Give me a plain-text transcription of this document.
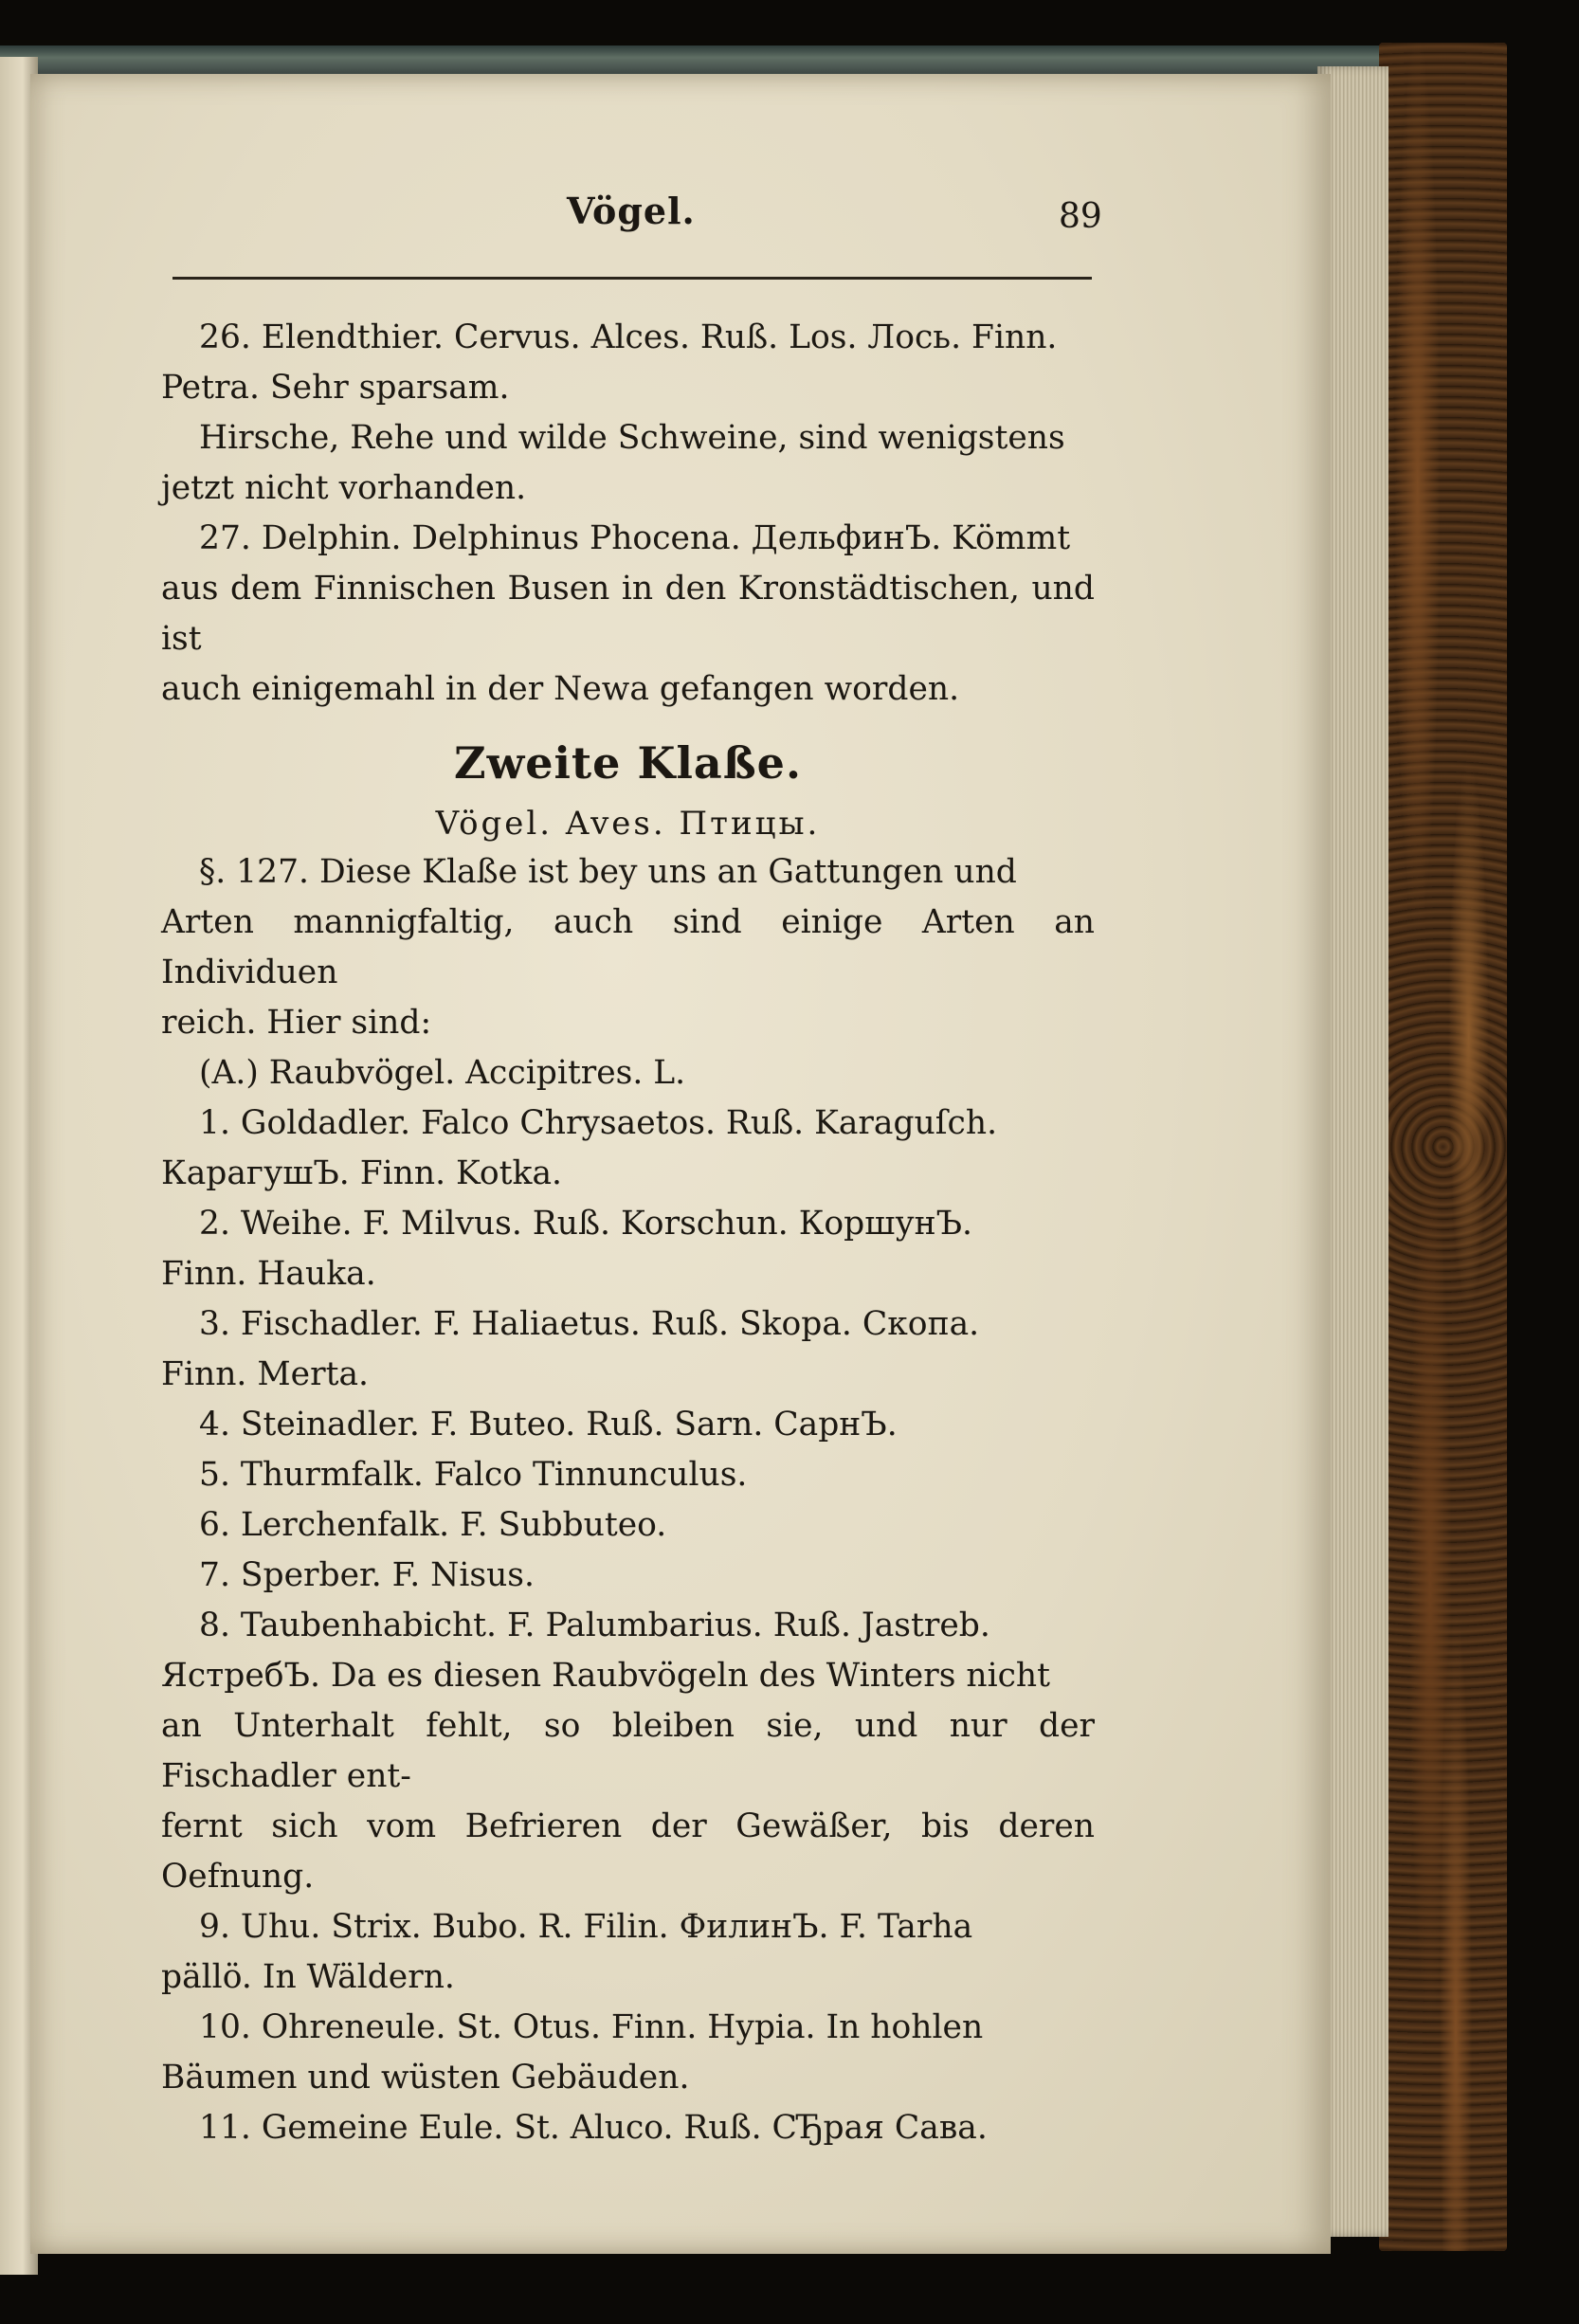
Vögel.	89

26. Elendthier. Cervus. Alces. Ruß. Los. Лось. Finn.

Petra. Sehr sparsam.

Hirsche, Rehe und wilde Schweine, sind wenigstens

jetzt nicht vorhanden.

27. Delphin. Delphinus Phocena. ДельфинЪ. Kömmt

aus dem Finnischen Busen in den Kronstädtischen, und ist

auch einigemahl in der Newa gefangen worden.

Zweite Klaße.
Vögel. Aves. Птицы.

§. 127. Diese Klaße ist bey uns an Gattungen und

Arten mannigfaltig, auch sind einige Arten an Individuen

reich. Hier sind:

(A.) Raubvögel. Accipitres. L.

1. Goldadler. Falco Chrysaetos. Ruß. Karaguſch.

КарагушЪ. Finn. Kotka.

2. Weihe. F. Milvus. Ruß. Korschun. КоршунЪ.

Finn. Hauka.

3. Fischadler. F. Haliaetus. Ruß. Skopa. Скопа.

Finn. Merta.

4. Steinadler. F. Buteo. Ruß. Sarn. СарнЪ.

5. Thurmfalk. Falco Tinnunculus.

6. Lerchenfalk. F. Subbuteo.

7. Sperber. F. Nisus.

8. Taubenhabicht. F. Palumbarius. Ruß. Jastreb.

ЯстребЪ. Da es diesen Raubvögeln des Winters nicht

an Unterhalt fehlt, so bleiben sie, und nur der Fischadler ent-

fernt sich vom Befrieren der Gewäßer, bis deren Oefnung.

9. Uhu. Strix. Bubo. R. Filin. ФилинЪ. F. Tarha

pällö. In Wäldern.

10. Ohreneule. St. Otus. Finn. Hypia. In hohlen

Bäumen und wüsten Gebäuden.

11. Gemeine Eule. St. Aluco. Ruß. СЂрая Сава.
